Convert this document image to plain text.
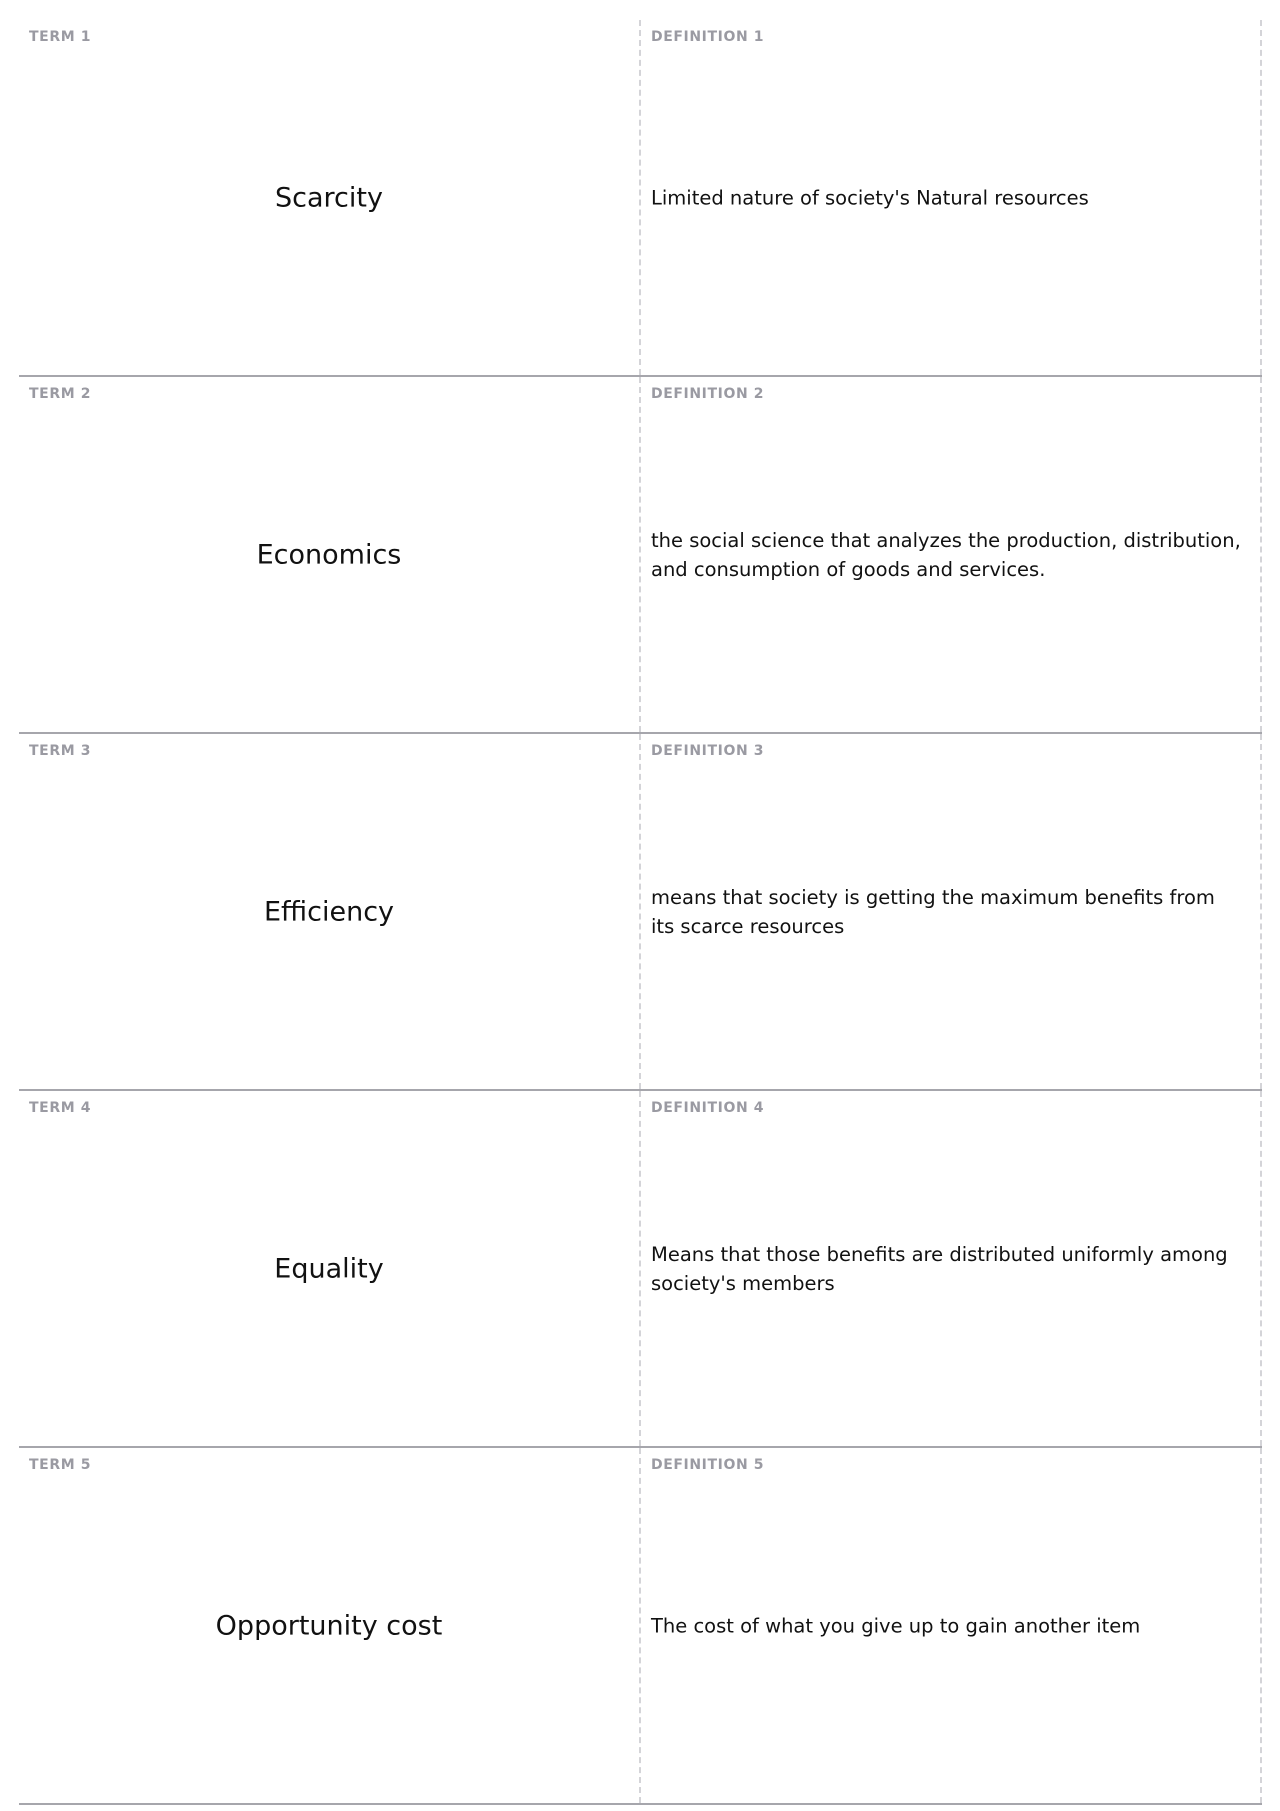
TERM 1
Scarcity
DEFINITION 1
Limited nature of society's Natural resources
TERM 2
Economics
DEFINITION 2
the social science that analyzes the production, distribution, and consumption of goods and services.
TERM 3
Efficiency
DEFINITION 3
means that society is getting the maximum benefits from its scarce resources
TERM 4
Equality
DEFINITION 4
Means that those benefits are distributed uniformly among society's members
TERM 5
Opportunity cost
DEFINITION 5
The cost of what you give up to gain another item
